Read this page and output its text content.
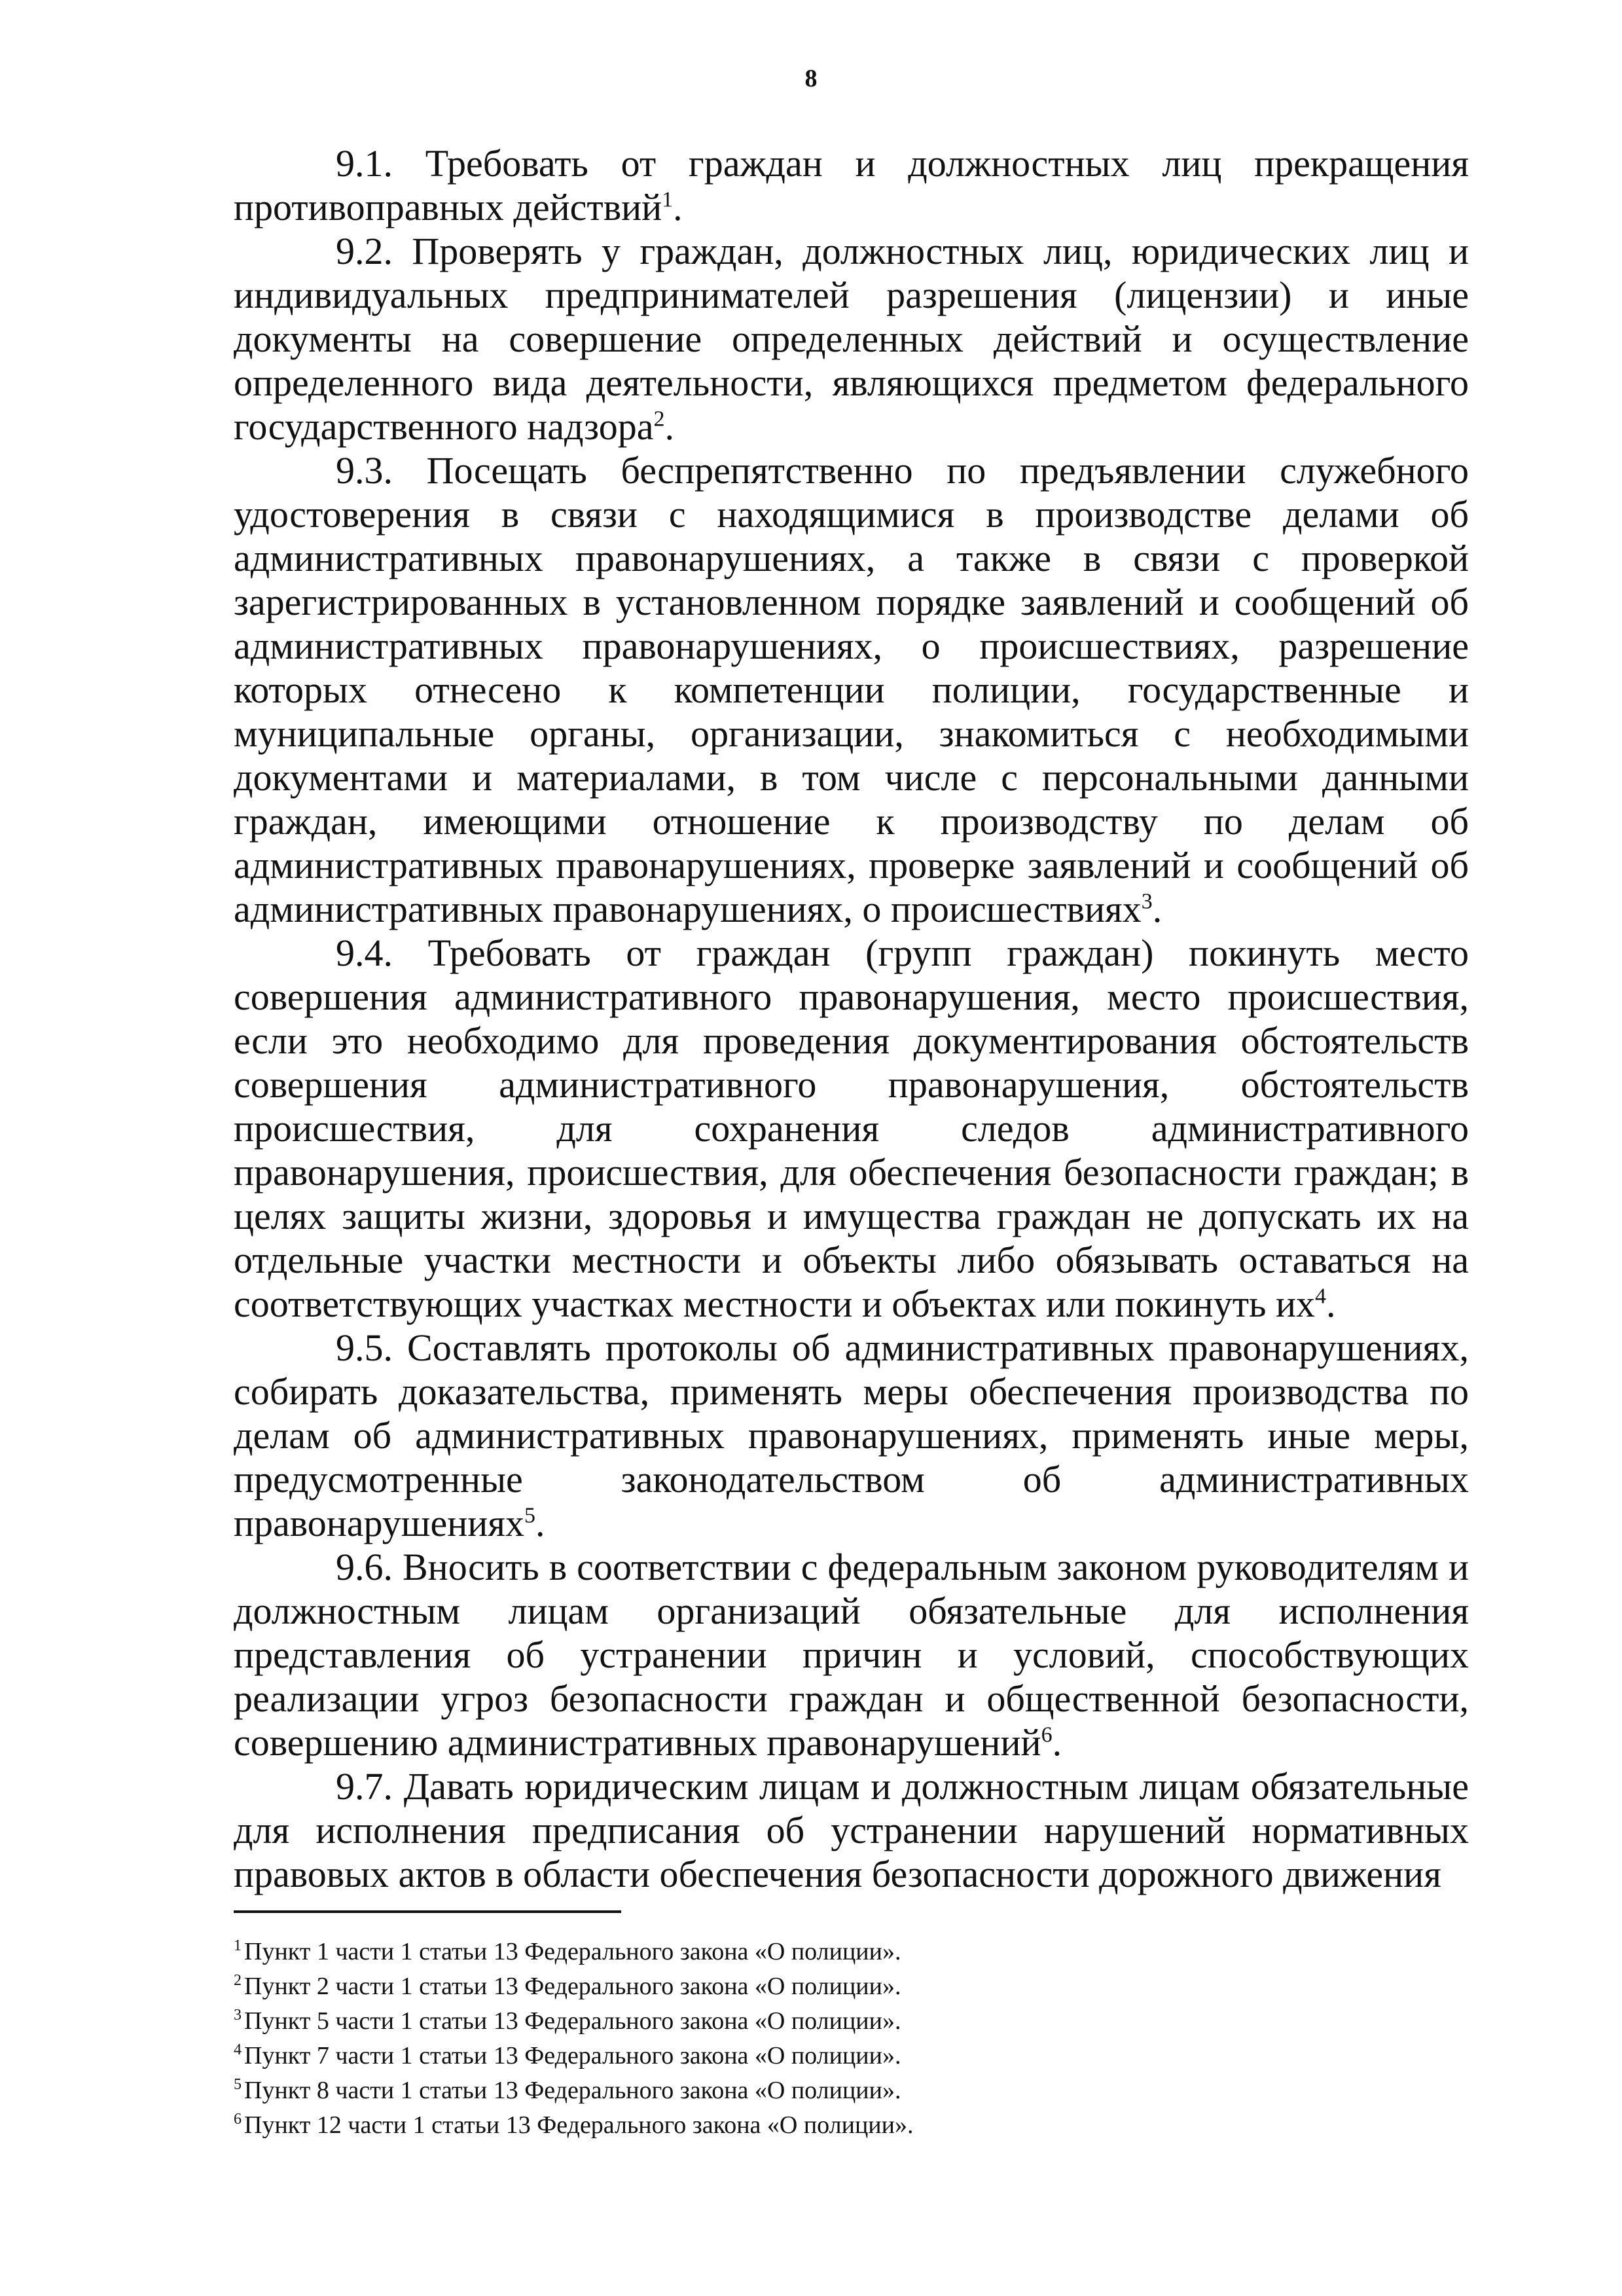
8

9.1. Требовать от граждан и должностных лиц прекращения противоправных действий$^1$.

9.2. Проверять у граждан, должностных лиц, юридических лиц и индивидуальных предпринимателей разрешения (лицензии) и иные документы на совершение определенных действий и осуществление определенного вида деятельности, являющихся предметом федерального государственного надзора$^2$.

9.3. Посещать беспрепятственно по предъявлении служебного удостоверения в связи с находящимися в производстве делами об административных правонарушениях, а также в связи с проверкой зарегистрированных в установленном порядке заявлений и сообщений об административных правонарушениях, о происшествиях, разрешение которых отнесено к компетенции полиции, государственные и муниципальные органы, организации, знакомиться с необходимыми документами и материалами, в том числе с персональными данными граждан, имеющими отношение к производству по делам об административных правонарушениях, проверке заявлений и сообщений об административных правонарушениях, о происшествиях$^3$.

9.4. Требовать от граждан (групп граждан) покинуть место совершения административного правонарушения, место происшествия, если это необходимо для проведения документирования обстоятельств совершения административного правонарушения, обстоятельств происшествия, для сохранения следов административного правонарушения, происшествия, для обеспечения безопасности граждан; в целях защиты жизни, здоровья и имущества граждан не допускать их на отдельные участки местности и объекты либо обязывать оставаться на соответствующих участках местности и объектах или покинуть их$^4$.

9.5. Составлять протоколы об административных правонарушениях, собирать доказательства, применять меры обеспечения производства по делам об административных правонарушениях, применять иные меры, предусмотренные законодательством об административных правонарушениях$^5$.

9.6. Вносить в соответствии с федеральным законом руководителям и должностным лицам организаций обязательные для исполнения представления об устранении причин и условий, способствующих реализации угроз безопасности граждан и общественной безопасности, совершению административных правонарушений$^6$.

9.7. Давать юридическим лицам и должностным лицам обязательные для исполнения предписания об устранении нарушений нормативных правовых актов в области обеспечения безопасности дорожного движения

$^1$ Пункт 1 части 1 статьи 13 Федерального закона «О полиции».

$^2$ Пункт 2 части 1 статьи 13 Федерального закона «О полиции».

$^3$ Пункт 5 части 1 статьи 13 Федерального закона «О полиции».

$^4$ Пункт 7 части 1 статьи 13 Федерального закона «О полиции».

$^5$ Пункт 8 части 1 статьи 13 Федерального закона «О полиции».

$^6$ Пункт 12 части 1 статьи 13 Федерального закона «О полиции».
